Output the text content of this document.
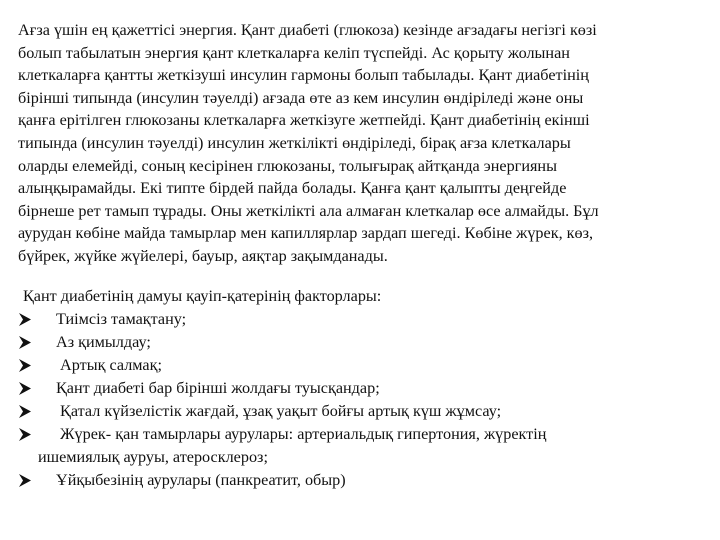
Ағза үшін ең қажеттісі энергия. Қант диабеті (глюкоза) кезінде ағзадағы негізгі көзі
болып табылатын энергия қант клеткаларға келіп түспейді. Ас қорыту жолынан
клеткаларға қантты жеткізуші инсулин гармоны болып табылады. Қант диабетінің
бірінші типында (инсулин тәуелді) ағзада өте аз кем инсулин өндіріледі және оны
қанға ерітілген глюкозаны клеткаларға жеткізуге жетпейді. Қант диабетінің екінші
типында (инсулин тәуелді) инсулин жеткілікті өндіріледі, бірақ ағза клеткалары
оларды елемейді, соның кесірінен глюкозаны, толығырақ айтқанда энергияны
алыңқырамайды. Екі типте бірдей пайда болады. Қанға қант қалыпты деңгейде
бірнеше рет тамып тұрады. Оны жеткілікті ала алмаған клеткалар өсе алмайды. Бұл
аурудан көбіне майда тамырлар мен капиллярлар зардап шегеді. Көбіне жүрек, көз,
бүйрек, жүйке жүйелері, бауыр, аяқтар зақымданады.
Қант диабетінің дамуы қауіп-қатерінің факторлары:
Тиімсіз тамақтану;
Аз қимылдау;
Артық салмақ;
Қант диабеті бар бірінші жолдағы туысқандар;
Қатал күйзелістік жағдай, ұзақ уақыт бойғы артық күш жұмсау;
Жүрек- қан тамырлары аурулары: артериальдық гипертония, жүректің
ишемиялық ауруы, атеросклероз;
Ұйқыбезінің аурулары (панкреатит, обыр)
